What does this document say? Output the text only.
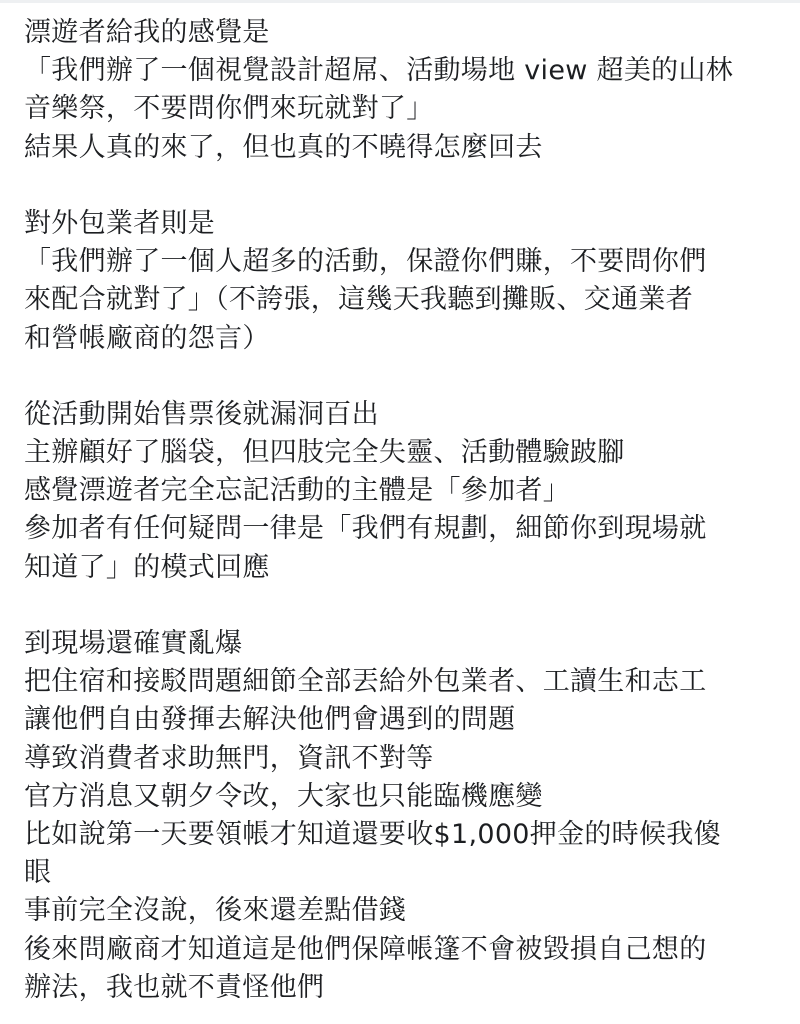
漂遊者給我的感覺是
「我們辦了一個視覺設計超屌、活動場地 view 超美的山林
音樂祭，不要問你們來玩就對了」
結果人真的來了，但也真的不曉得怎麼回去
對外包業者則是
「我們辦了一個人超多的活動，保證你們賺，不要問你們
來配合就對了」（不誇張，這幾天我聽到攤販、交通業者
和營帳廠商的怨言）
從活動開始售票後就漏洞百出
主辦顧好了腦袋，但四肢完全失靈、活動體驗跛腳
感覺漂遊者完全忘記活動的主體是「參加者」
參加者有任何疑問一律是「我們有規劃，細節你到現場就
知道了」的模式回應
到現場還確實亂爆
把住宿和接駁問題細節全部丟給外包業者、工讀生和志工
讓他們自由發揮去解決他們會遇到的問題
導致消費者求助無門，資訊不對等
官方消息又朝夕令改，大家也只能臨機應變
比如說第一天要領帳才知道還要收$1,000押金的時候我傻
眼
事前完全沒說，後來還差點借錢
後來問廠商才知道這是他們保障帳篷不會被毀損自己想的
辦法，我也就不責怪他們
